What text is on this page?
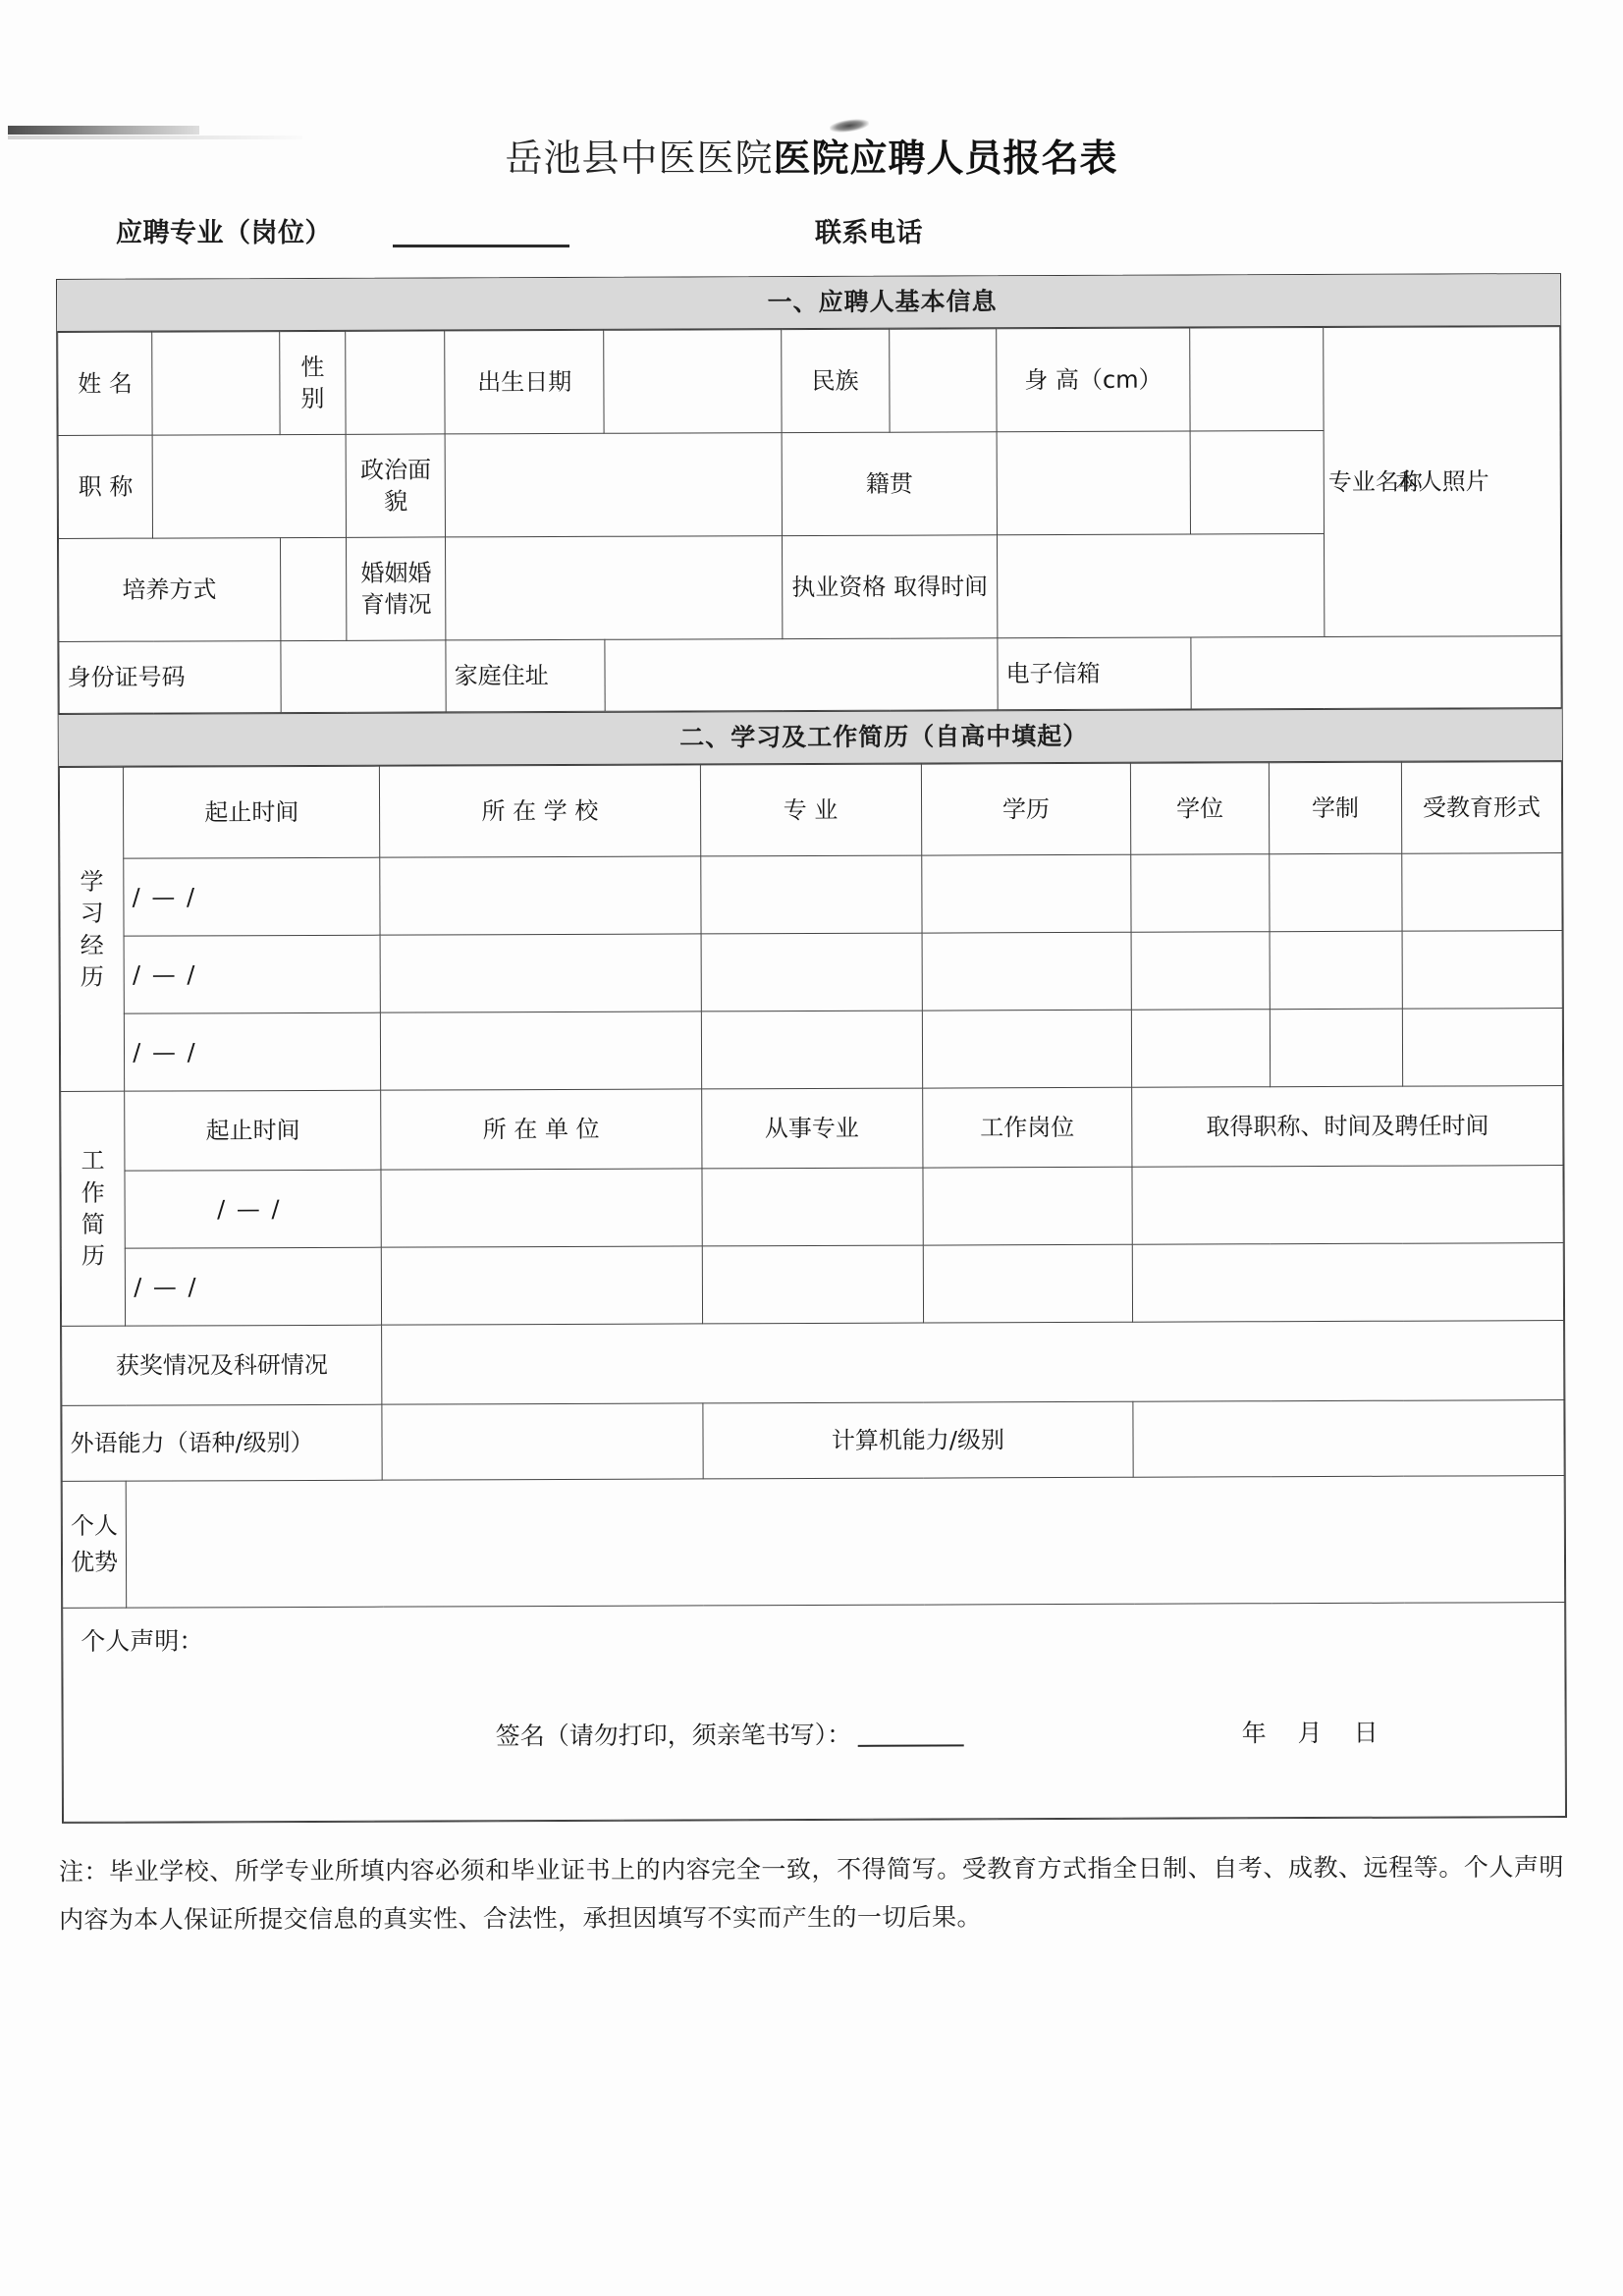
岳池县中医医院医院应聘人员报名表
应聘专业（岗位）	联系电话
一、应聘人基本信息
姓 名		性 别		出生日期		民族		身 高（cm）		本人照片
职 称			政治面 貌			籍贯			专业名称	
培养方式			婚姻婚 育情况			执业资格 取得时间				
身份证号码				家庭住址				电子信箱		
二、学习及工作简历（自高中填起）
学
习
经
历	起止时间	所 在 学 校	专 业	学历	学位	学制	受教育形式
	/ — /						
	/ — /						
	/ — /						

工
作
简
历	起止时间	所 在 单 位	从事专业	工作岗位	取得职称、时间及聘任时间		
	/ — /						
	/ — /						
获奖情况及科研情况							
外语能力（语种/级别）			计算机能力/级别				

个人
优势							

个人声明：
签名（请勿打印，须亲笔书写）：	年 月 日
注：毕业学校、所学专业所填内容必须和毕业证书上的内容完全一致，不得简写。受教育方式指全日制、自考、成教、远程等。个人声明内容为本人保证所提交信息的真实性、合法性，承担因填写不实而产生的一切后果。
